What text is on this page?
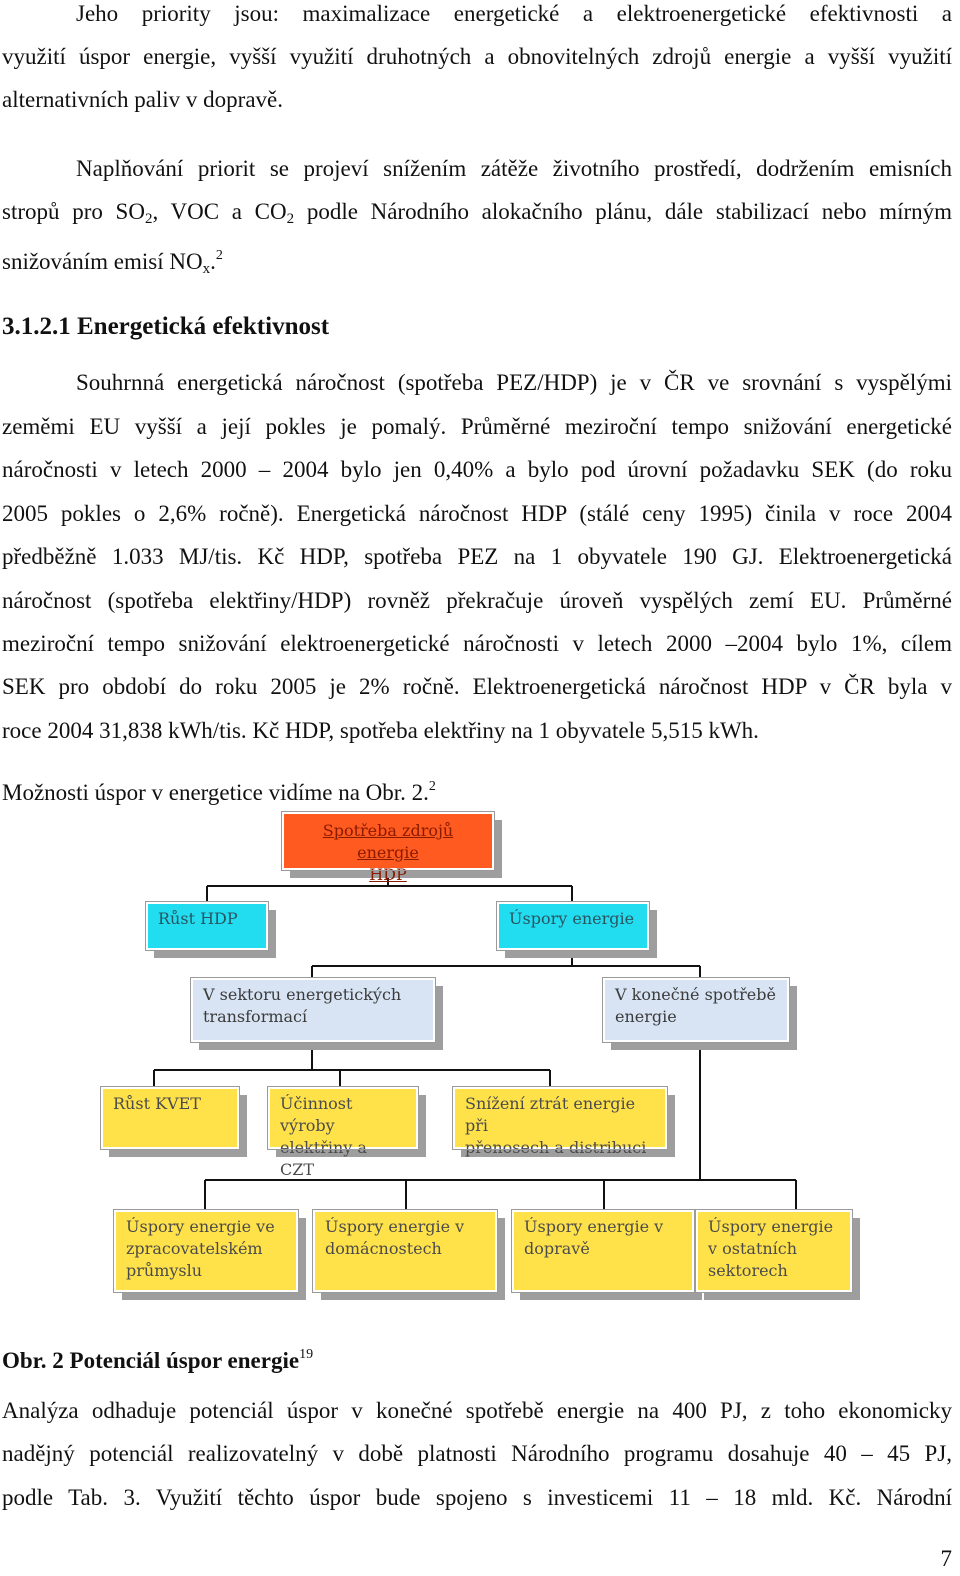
Jeho priority jsou: maximalizace energetické a elektroenergetické efektivnosti a
využití úspor energie, vyšší využití druhotných a obnovitelných zdrojů energie a vyšší využití
alternativních paliv v dopravě.
Naplňování priorit se projeví snížením zátěže životního prostředí, dodržením emisních
stropů pro $SO_2$, VOC a $CO_2$ podle Národního alokačního plánu, dále stabilizací nebo mírným
snižováním emisí $NO_x.^2$
3.1.2.1 Energetická efektivnost
Souhrnná energetická náročnost (spotřeba PEZ/HDP) je v ČR ve srovnání s vyspělými
zeměmi EU vyšší a její pokles je pomalý. Průměrné meziroční tempo snižování energetické
náročnosti v letech 2000 – 2004 bylo jen 0,40% a bylo pod úrovní požadavku SEK (do roku
2005 pokles o 2,6% ročně). Energetická náročnost HDP (stálé ceny 1995) činila v roce 2004
předběžně 1.033 MJ/tis. Kč HDP, spotřeba PEZ na 1 obyvatele 190 GJ. Elektroenergetická
náročnost (spotřeba elektřiny/HDP) rovněž překračuje úroveň vyspělých zemí EU. Průměrné
meziroční tempo snižování elektroenergetické náročnosti v letech 2000 –2004 bylo 1%, cílem
SEK pro období do roku 2005 je 2% ročně. Elektroenergetická náročnost HDP v ČR byla v
roce 2004 31,838 kWh/tis. Kč HDP, spotřeba elektřiny na 1 obyvatele 5,515 kWh.
Možnosti úspor v energetice vidíme na Obr. 2.$^2$
Spotřeba zdrojů energie
HDP
Růst HDP	Úspory energie
V sektoru energetických
transformací
V konečné spotřebě
energie
Růst KVET	Účinnost výroby
elektřiny a CZT
Snížení ztrát energie při
přenosech a distribuci
Úspory energie ve
zpracovatelském
průmyslu
Úspory energie v
domácnostech
Úspory energie v
dopravě
Úspory energie
v ostatních
sektorech
Obr. 2 Potenciál úspor energie$^{19}$
Analýza odhaduje potenciál úspor v konečné spotřebě energie na 400 PJ, z toho ekonomicky
nadějný potenciál realizovatelný v době platnosti Národního programu dosahuje 40 – 45 PJ,
podle Tab. 3. Využití těchto úspor bude spojeno s investicemi 11 – 18 mld. Kč. Národní
7
